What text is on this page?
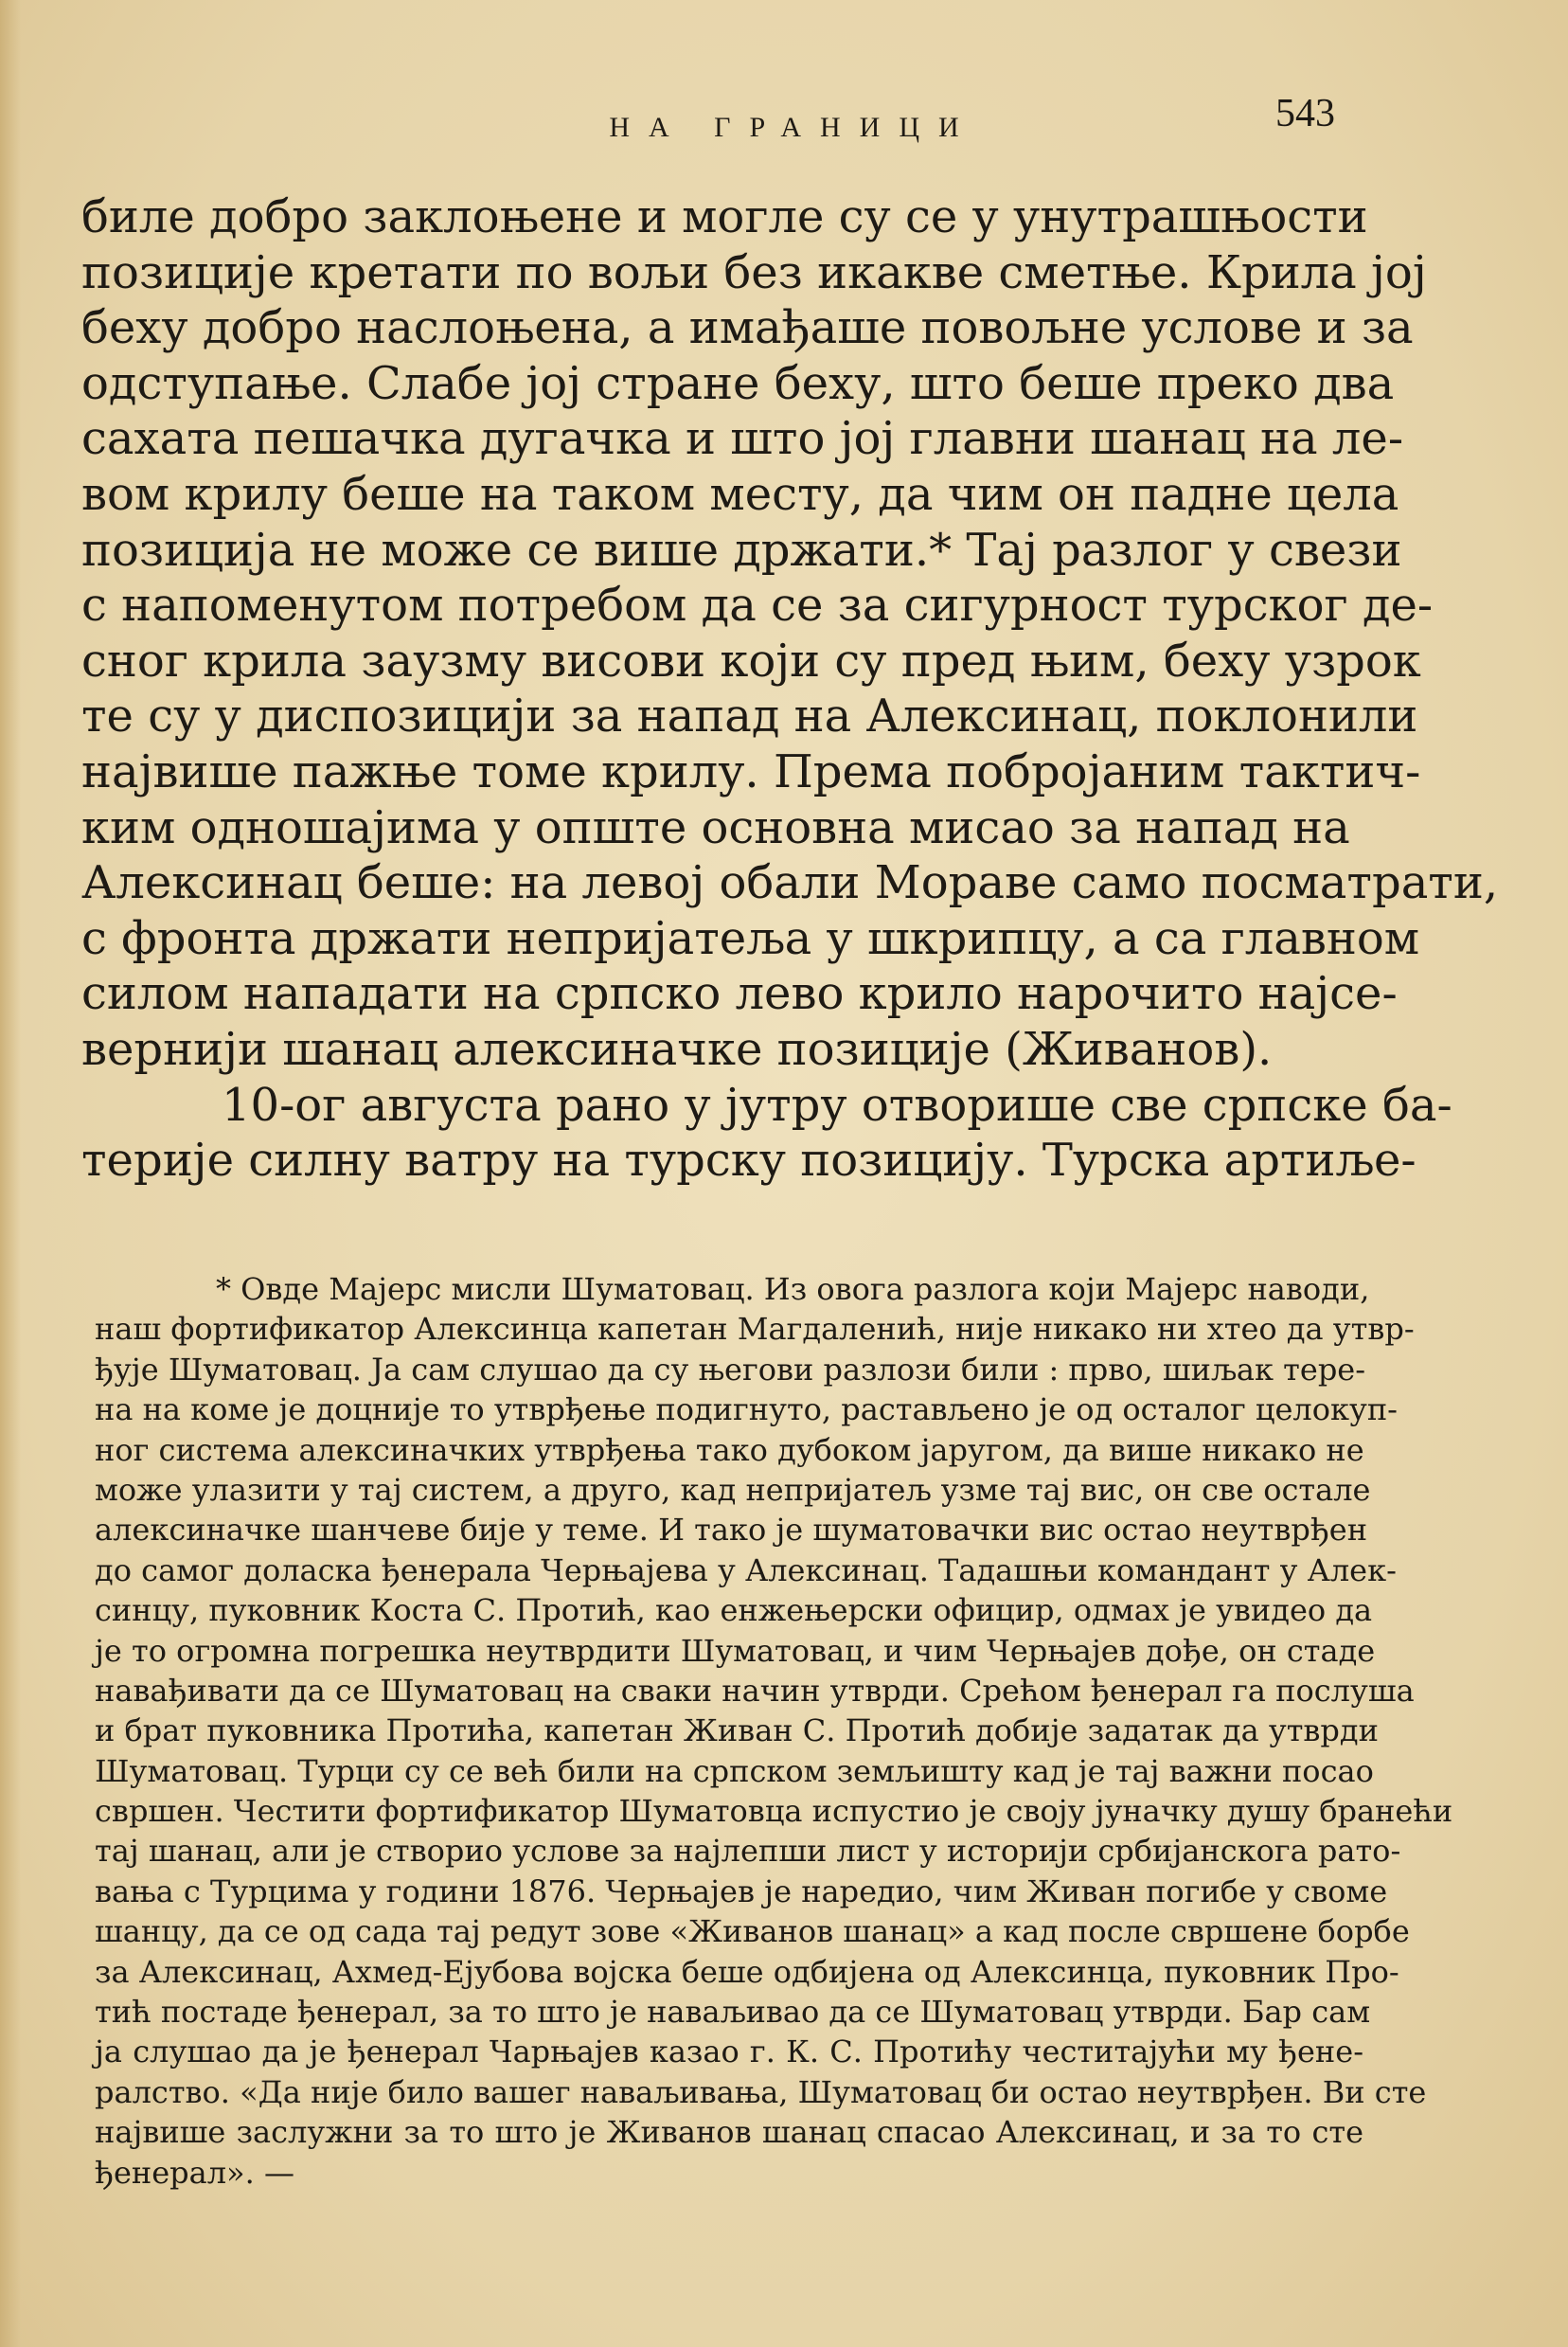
НА ГРАНИЦИ	543
биле добро заклоњене и могле су се у унутрашњости
позиције кретати по вољи без икакве сметње. Крила јој
беху добро наслоњена, а имађаше повољне услове и за
одступање. Слабе јој стране беху, што беше преко два
сахата пешачка дугачка и што јој главни шанац на ле-
вом крилу беше на таком месту, да чим он падне цела
позиција не може се више држати.* Тај разлог у свези
с напоменутом потребом да се за сигурност турског де-
сног крила заузму висови који су пред њим, беху узрок
те су у диспозицији за напад на Алексинац, поклонили
највише пажње томе крилу. Према побројаним тактич-
ким одношајима у опште основна мисао за напад на
Алексинац беше: на левој обали Мораве само посматрати,
с фронта држати непријатеља у шкрипцу, а са главном
силом нападати на српско лево крило нарочито најсе-
вернији шанац алексиначке позиције (Живанов).
10-ог августа рано у јутру отворише све српске ба-
терије силну ватру на турску позицију. Турска артиље-
* Овде Мајерс мисли Шуматовац. Из овога разлога који Мајерс наводи,
наш фортификатор Алексинца капетан Магдаленић, није никако ни хтео да утвр-
ђује Шуматовац. Ја сам слушао да су његови разлози били : прво, шиљак тере-
на на коме је доцније то утврђење подигнуто, растављено је од осталог целокуп-
ног система алексиначких утврђења тако дубоком јаругом, да више никако не
може улазити у тај систем, а друго, кад непријатељ узме тај вис, он све остале
алексиначке шанчеве бије у теме. И тако је шуматовачки вис остао неутврђен
до самог доласка ђенерала Черњајева у Алексинац. Тадашњи командант у Алек-
синцу, пуковник Коста С. Протић, као енжењерски официр, одмах је увидео да
је то огромна погрешка неутврдити Шуматовац, и чим Черњајев дође, он стаде
навађивати да се Шуматовац на сваки начин утврди. Срећом ђенерал га послуша
и брат пуковника Протића, капетан Живан С. Протић добије задатак да утврди
Шуматовац. Турци су се већ били на српском земљишту кад је тај важни посао
свршен. Честити фортификатор Шуматовца испустио је своју јуначку душу бранећи
тај шанац, али је створио услове за најлепши лист у историји србијанскога рато-
вања с Турцима у години 1876. Черњајев је наредио, чим Живан погибе у своме
шанцу, да се од сада тај редут зове «Живанов шанац» а кад после свршене борбе
за Алексинац, Ахмед-Ејубова војска беше одбијена од Алексинца, пуковник Про-
тић постаде ђенерал, за то што је наваљивао да се Шуматовац утврди. Бар сам
ја слушао да је ђенерал Чарњајев казао г. К. С. Протићу честитајући му ђене-
ралство. «Да није било вашег наваљивања, Шуматовац би остао неутврђен. Ви сте
највише заслужни за то што је Живанов шанац спасао Алексинац, и за то сте
ђенерал». —
